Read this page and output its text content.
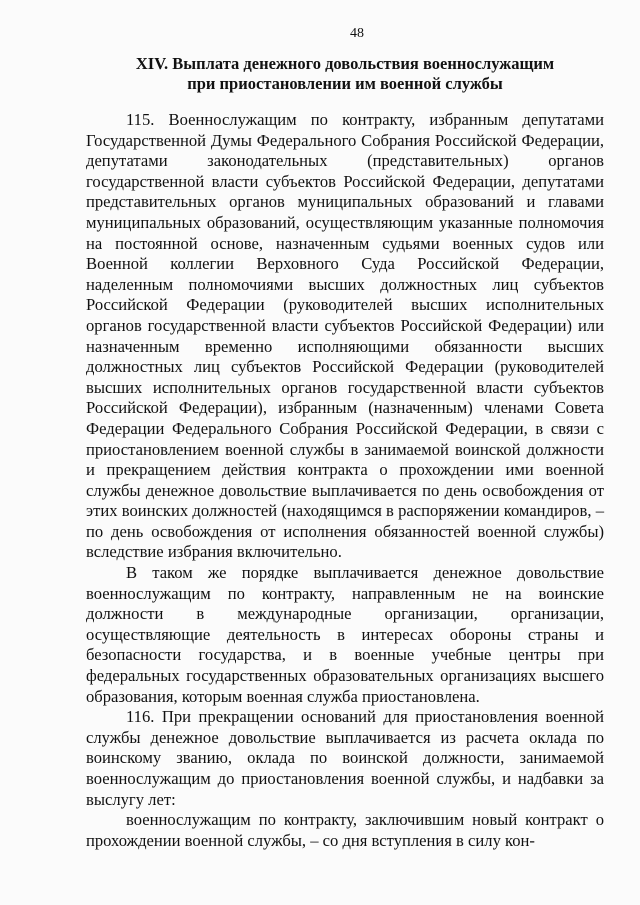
48
XIV. Выплата денежного довольствия военнослужащим
при приостановлении им военной службы

115. Военнослужащим по контракту, избранным депутатами Государственной Думы Федерального Собрания Российской Федерации, депутатами законодательных (представительных) органов государственной власти субъектов Российской Федерации, депутатами представительных органов муниципальных образований и главами муниципальных образований, осуществляющим указанные полномочия на постоянной основе, назначенным судьями военных судов или Военной коллегии Верховного Суда Российской Федерации, наделенным полномочиями высших должностных лиц субъектов Российской Федерации (руководителей высших исполнительных органов государственной власти субъектов Российской Федерации) или назначенным временно исполняющими обязанности высших должностных лиц субъектов Российской Федерации (руководителей высших исполнительных органов государственной власти субъектов Российской Федерации), избранным (назначенным) членами Совета Федерации Федерального Собрания Российской Федерации, в связи с приостановлением военной службы в занимаемой воинской должности и прекращением действия контракта о прохождении ими военной службы денежное довольствие выплачивается по день освобождения от этих воинских должностей (находящимся в распоряжении командиров, – по день освобождения от исполнения обязанностей военной службы) вследствие избрания включительно.

В таком же порядке выплачивается денежное довольствие военнослужащим по контракту, направленным не на воинские должности в международные организации, организации, осуществляющие деятельность в интересах обороны страны и безопасности государства, и в военные учебные центры при федеральных государственных образовательных организациях высшего образования, которым военная служба приостановлена.

116. При прекращении оснований для приостановления военной службы денежное довольствие выплачивается из расчета оклада по воинскому званию, оклада по воинской должности, занимаемой военнослужащим до приостановления военной службы, и надбавки за выслугу лет:

военнослужащим по контракту, заключившим новый контракт о прохождении военной службы, – со дня вступления в силу кон-
